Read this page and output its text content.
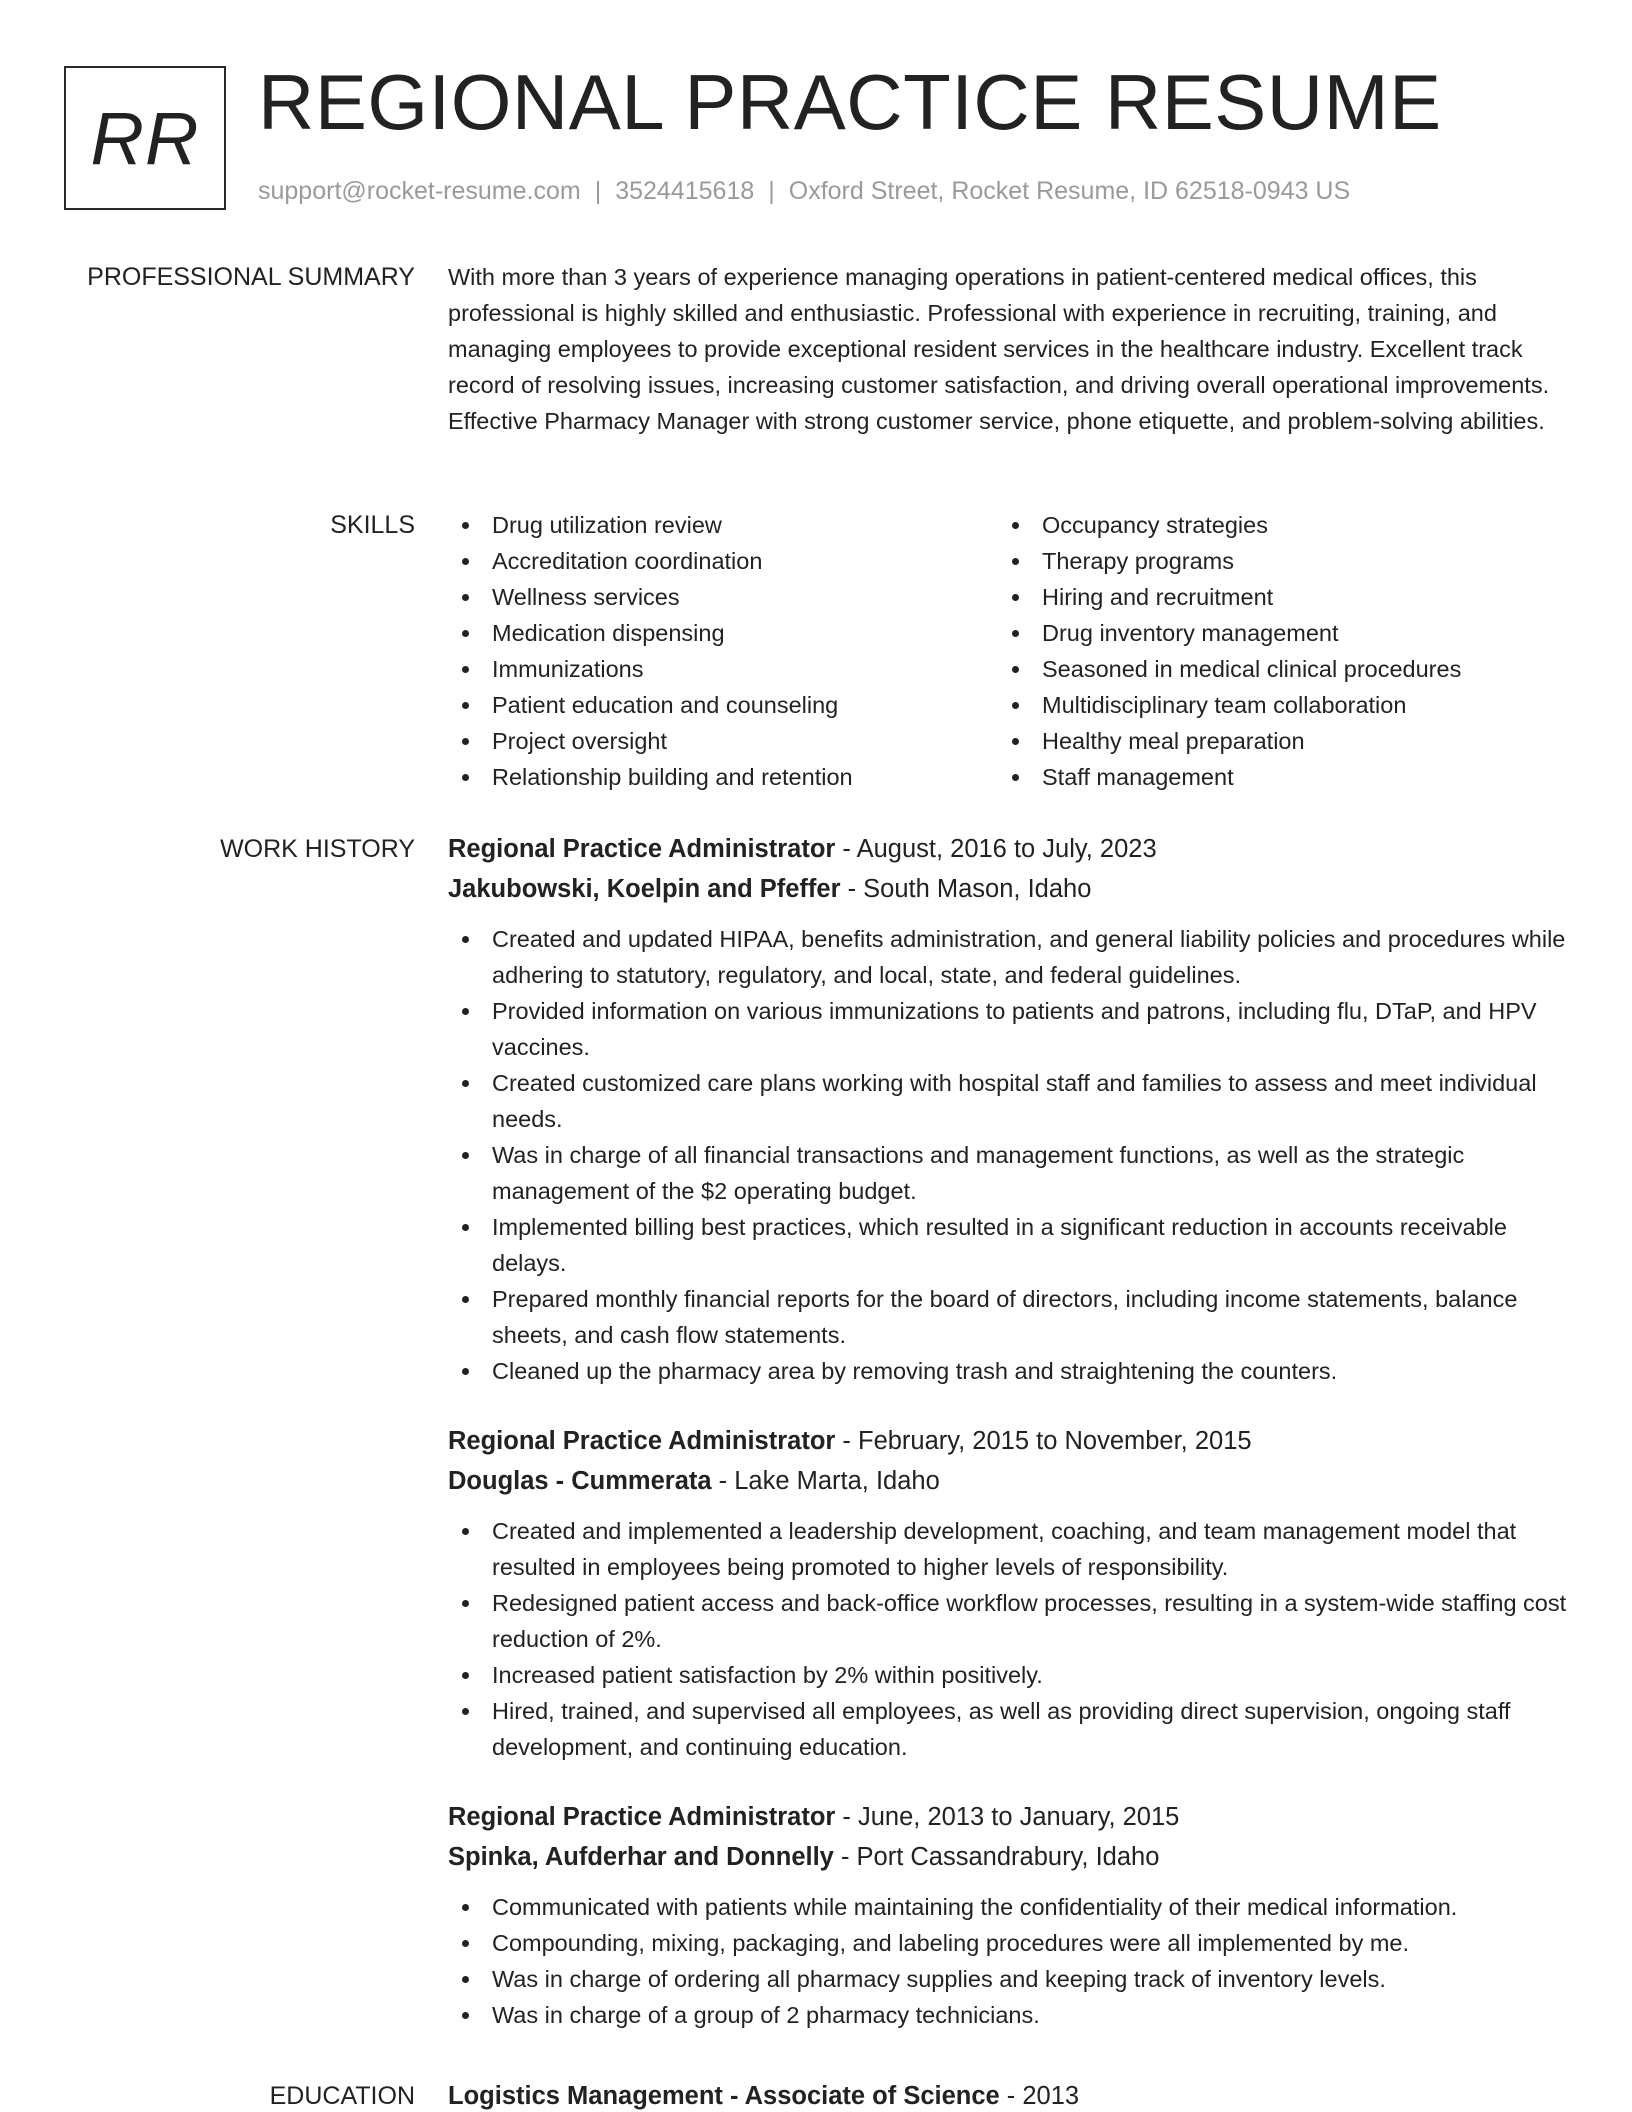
RR REGIONAL PRACTICE RESUME
support@rocket-resume.com | 3524415618 | Oxford Street, Rocket Resume, ID 62518-0943 US
PROFESSIONAL SUMMARY With more than 3 years of experience managing operations in patient-centered medical offices, this professional is highly skilled and enthusiastic. Professional with experience in recruiting, training, and managing employees to provide exceptional resident services in the healthcare industry. Excellent track record of resolving issues, increasing customer satisfaction, and driving overall operational improvements. Effective Pharmacy Manager with strong customer service, phone etiquette, and problem-solving abilities.
SKILLS	Drug utilization review
Accreditation coordination
Wellness services
Medication dispensing
Immunizations
Patient education and counseling
Project oversight
Relationship building and retention
Occupancy strategies
Therapy programs
Hiring and recruitment
Drug inventory management
Seasoned in medical clinical procedures
Multidisciplinary team collaboration
Healthy meal preparation
Staff management
WORK HISTORY Regional Practice Administrator - August, 2016 to July, 2023
Jakubowski, Koelpin and Pfeffer - South Mason, Idaho
Created and updated HIPAA, benefits administration, and general liability policies and procedures while adhering to statutory, regulatory, and local, state, and federal guidelines.
Provided information on various immunizations to patients and patrons, including flu, DTaP, and HPV vaccines.
Created customized care plans working with hospital staff and families to assess and meet individual needs.
Was in charge of all financial transactions and management functions, as well as the strategic management of the $2 operating budget.
Implemented billing best practices, which resulted in a significant reduction in accounts receivable delays.
Prepared monthly financial reports for the board of directors, including income statements, balance sheets, and cash flow statements.
Cleaned up the pharmacy area by removing trash and straightening the counters.
Regional Practice Administrator - February, 2015 to November, 2015
Douglas - Cummerata - Lake Marta, Idaho
Created and implemented a leadership development, coaching, and team management model that resulted in employees being promoted to higher levels of responsibility.
Redesigned patient access and back-office workflow processes, resulting in a system-wide staffing cost reduction of 2%.
Increased patient satisfaction by 2% within positively.
Hired, trained, and supervised all employees, as well as providing direct supervision, ongoing staff development, and continuing education.
Regional Practice Administrator - June, 2013 to January, 2015
Spinka, Aufderhar and Donnelly - Port Cassandrabury, Idaho
Communicated with patients while maintaining the confidentiality of their medical information.
Compounding, mixing, packaging, and labeling procedures were all implemented by me.
Was in charge of ordering all pharmacy supplies and keeping track of inventory levels.
Was in charge of a group of 2 pharmacy technicians.
EDUCATION Logistics Management - Associate of Science - 2013
